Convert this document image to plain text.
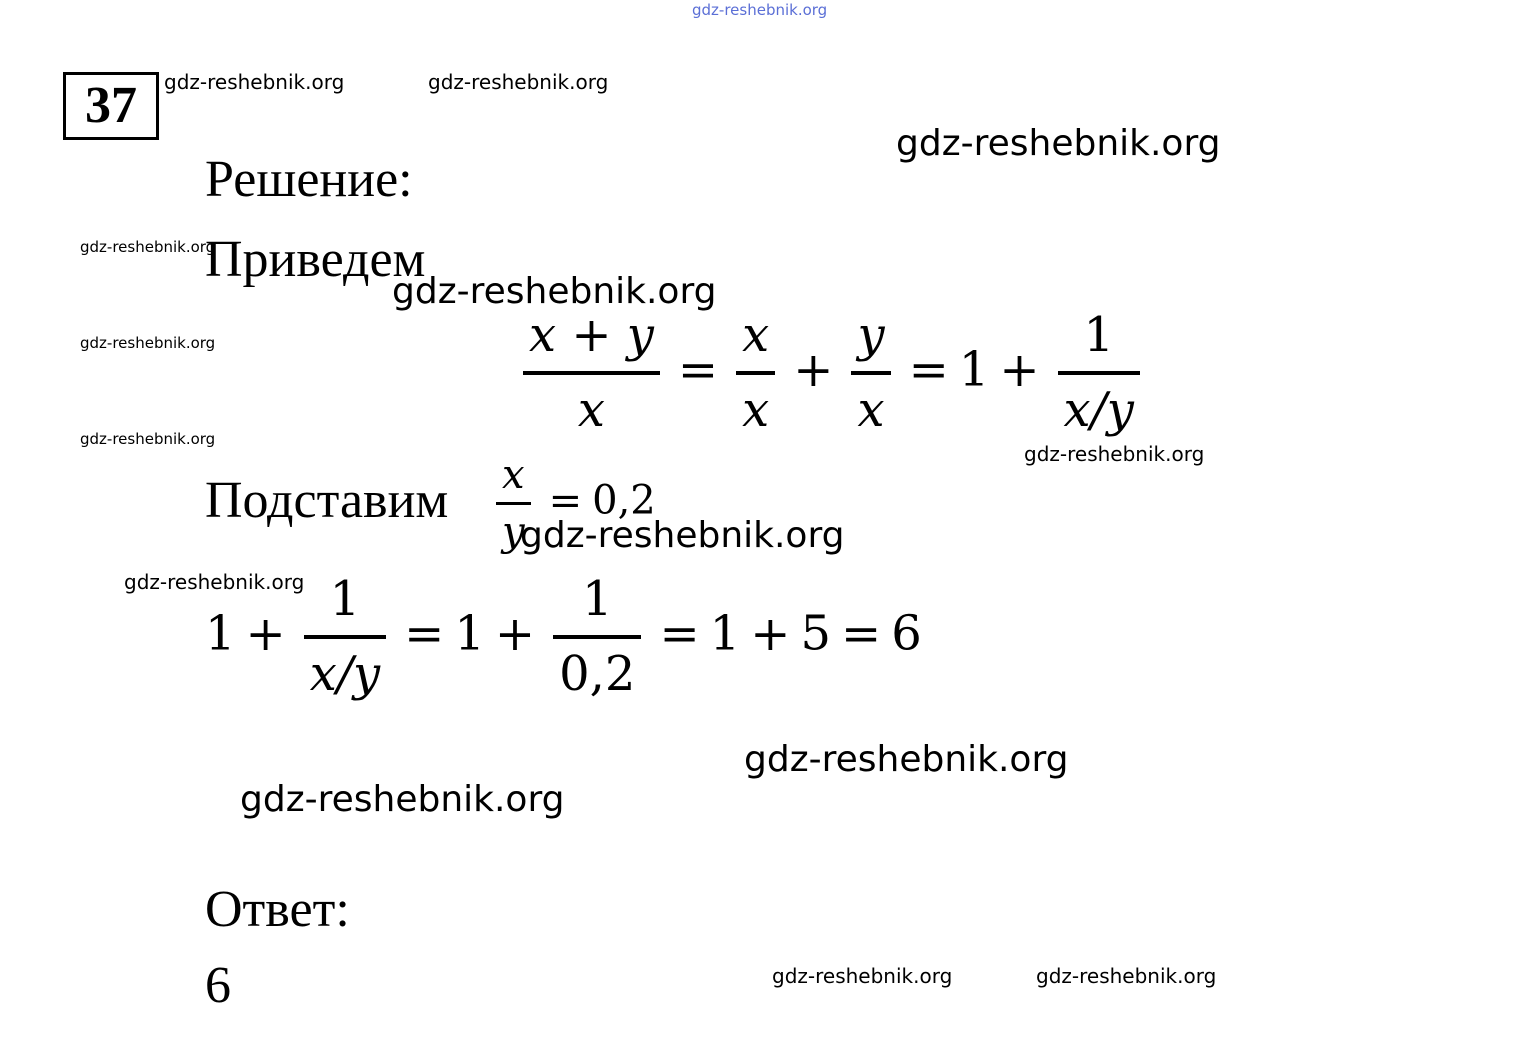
gdz-reshebnik.org
gdz-reshebnik.org	gdz-reshebnik.org
gdz-reshebnik.org
gdz-reshebnik.org
gdz-reshebnik.org
gdz-reshebnik.org
gdz-reshebnik.org
gdz-reshebnik.org
gdz-reshebnik.org
gdz-reshebnik.org
gdz-reshebnik.org
gdz-reshebnik.org
gdz-reshebnik.org	gdz-reshebnik.org
37
Решение:
Приведем
$\frac{x + y}{x} = \frac{x}{x} + \frac{y}{x} = 1 + \frac{1}{x/y}$
Подставим $\frac{x}{y} = 0,2$
$1 + \frac{1}{x/y} = 1 + \frac{1}{0,2} = 1 + 5 = 6$
Ответ:
6
